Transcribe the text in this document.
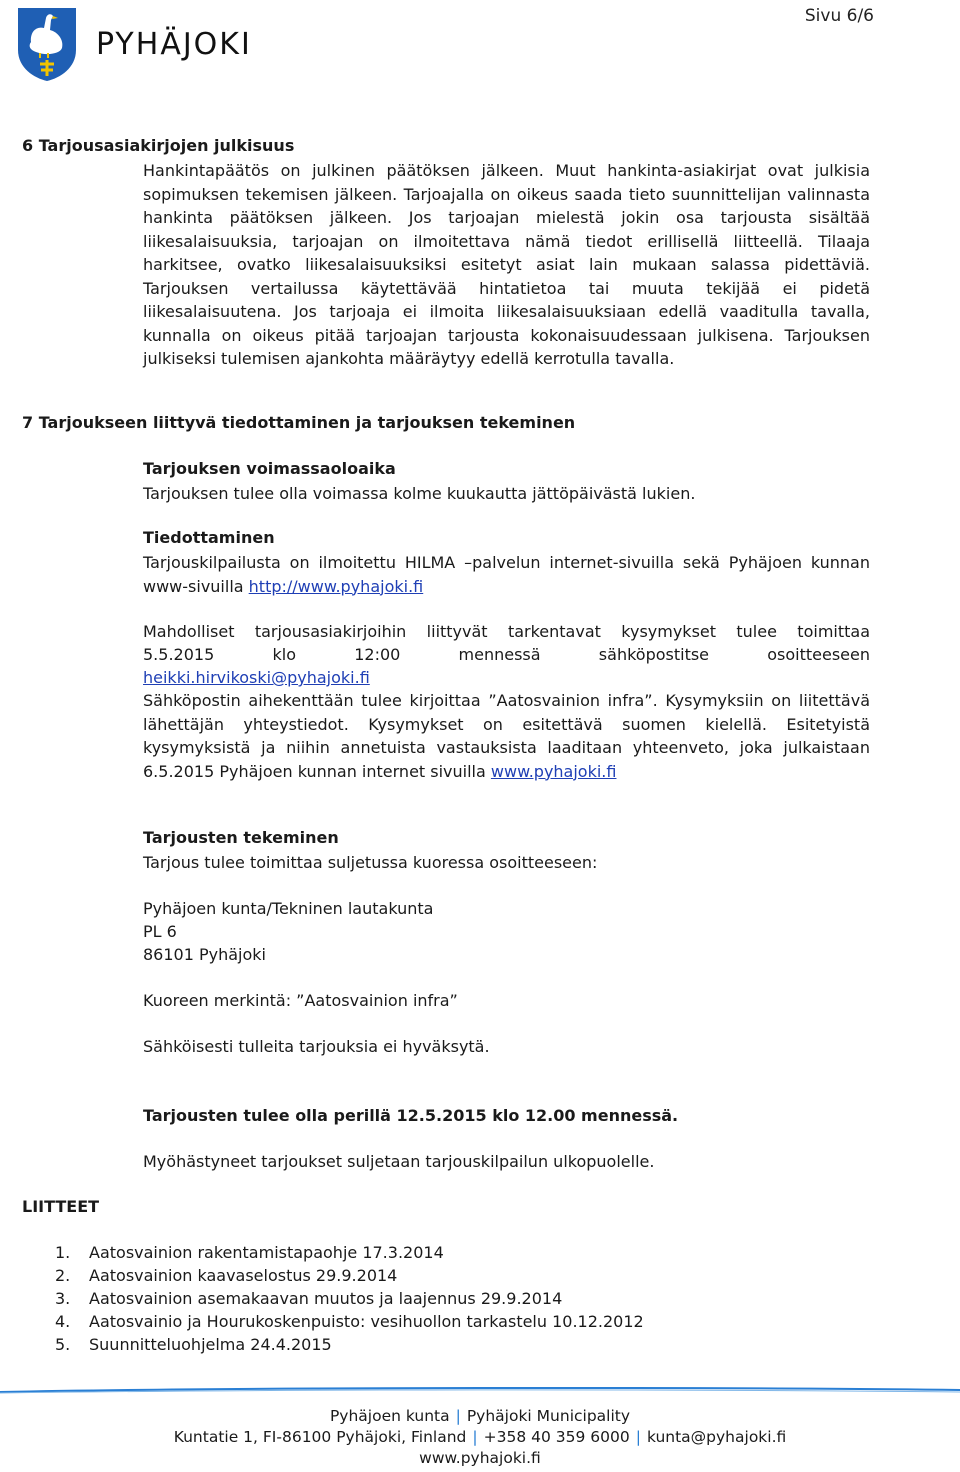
PYHÄJOKI
Sivu 6/6
6 Tarjousasiakirjojen julkisuus
Hankintapäätös on julkinen päätöksen jälkeen. Muut hankinta-asiakirjat ovat julkisia sopimuksen tekemisen jälkeen. Tarjoajalla on oikeus saada tieto suunnittelijan valinnasta hankinta päätöksen jälkeen. Jos tarjoajan mielestä jokin osa tarjousta sisältää liikesalaisuuksia, tarjoajan on ilmoitettava nämä tiedot erillisellä liitteellä. Tilaaja harkitsee, ovatko liikesalaisuuksiksi esitetyt asiat lain mukaan salassa pidettäviä. Tarjouksen vertailussa käytettävää hintatietoa tai muuta tekijää ei pidetä liikesalaisuutena. Jos tarjoaja ei ilmoita liikesalaisuuksiaan edellä vaaditulla tavalla, kunnalla on oikeus pitää tarjoajan tarjousta kokonaisuudessaan julkisena. Tarjouksen julkiseksi tulemisen ajankohta määräytyy edellä kerrotulla tavalla.
7 Tarjoukseen liittyvä tiedottaminen ja tarjouksen tekeminen
Tarjouksen voimassaoloaika
Tarjouksen tulee olla voimassa kolme kuukautta jättöpäivästä lukien.
Tiedottaminen
Tarjouskilpailusta on ilmoitettu HILMA –palvelun internet-sivuilla sekä Pyhäjoen kunnan www-sivuilla http://www.pyhajoki.fi
Mahdolliset tarjousasiakirjoihin liittyvät tarkentavat kysymykset tulee toimittaa
5.5.2015 klo 12:00 mennessä sähköpostitse osoitteeseen
heikki.hirvikoski@pyhajoki.fi
Sähköpostin aihekenttään tulee kirjoittaa ”Aatosvainion infra”. Kysymyksiin on liitettävä lähettäjän yhteystiedot. Kysymykset on esitettävä suomen kielellä. Esitetyistä kysymyksistä ja niihin annetuista vastauksista laaditaan yhteenveto, joka julkaistaan 6.5.2015 Pyhäjoen kunnan internet sivuilla www.pyhajoki.fi
Tarjousten tekeminen
Tarjous tulee toimittaa suljetussa kuoressa osoitteeseen:
Pyhäjoen kunta/Tekninen lautakunta
PL 6
86101 Pyhäjoki
Kuoreen merkintä: ”Aatosvainion infra”
Sähköisesti tulleita tarjouksia ei hyväksytä.
Tarjousten tulee olla perillä 12.5.2015 klo 12.00 mennessä.
Myöhästyneet tarjoukset suljetaan tarjouskilpailun ulkopuolelle.
LIITTEET
1. Aatosvainion rakentamistapaohje 17.3.2014
2. Aatosvainion kaavaselostus 29.9.2014
3. Aatosvainion asemakaavan muutos ja laajennus 29.9.2014
4. Aatosvainio ja Hourukoskenpuisto: vesihuollon tarkastelu 10.12.2012
5. Suunnitteluohjelma 24.4.2015
Pyhäjoen kunta | Pyhäjoki Municipality
Kuntatie 1, FI-86100 Pyhäjoki, Finland | +358 40 359 6000 | kunta@pyhajoki.fi
www.pyhajoki.fi
